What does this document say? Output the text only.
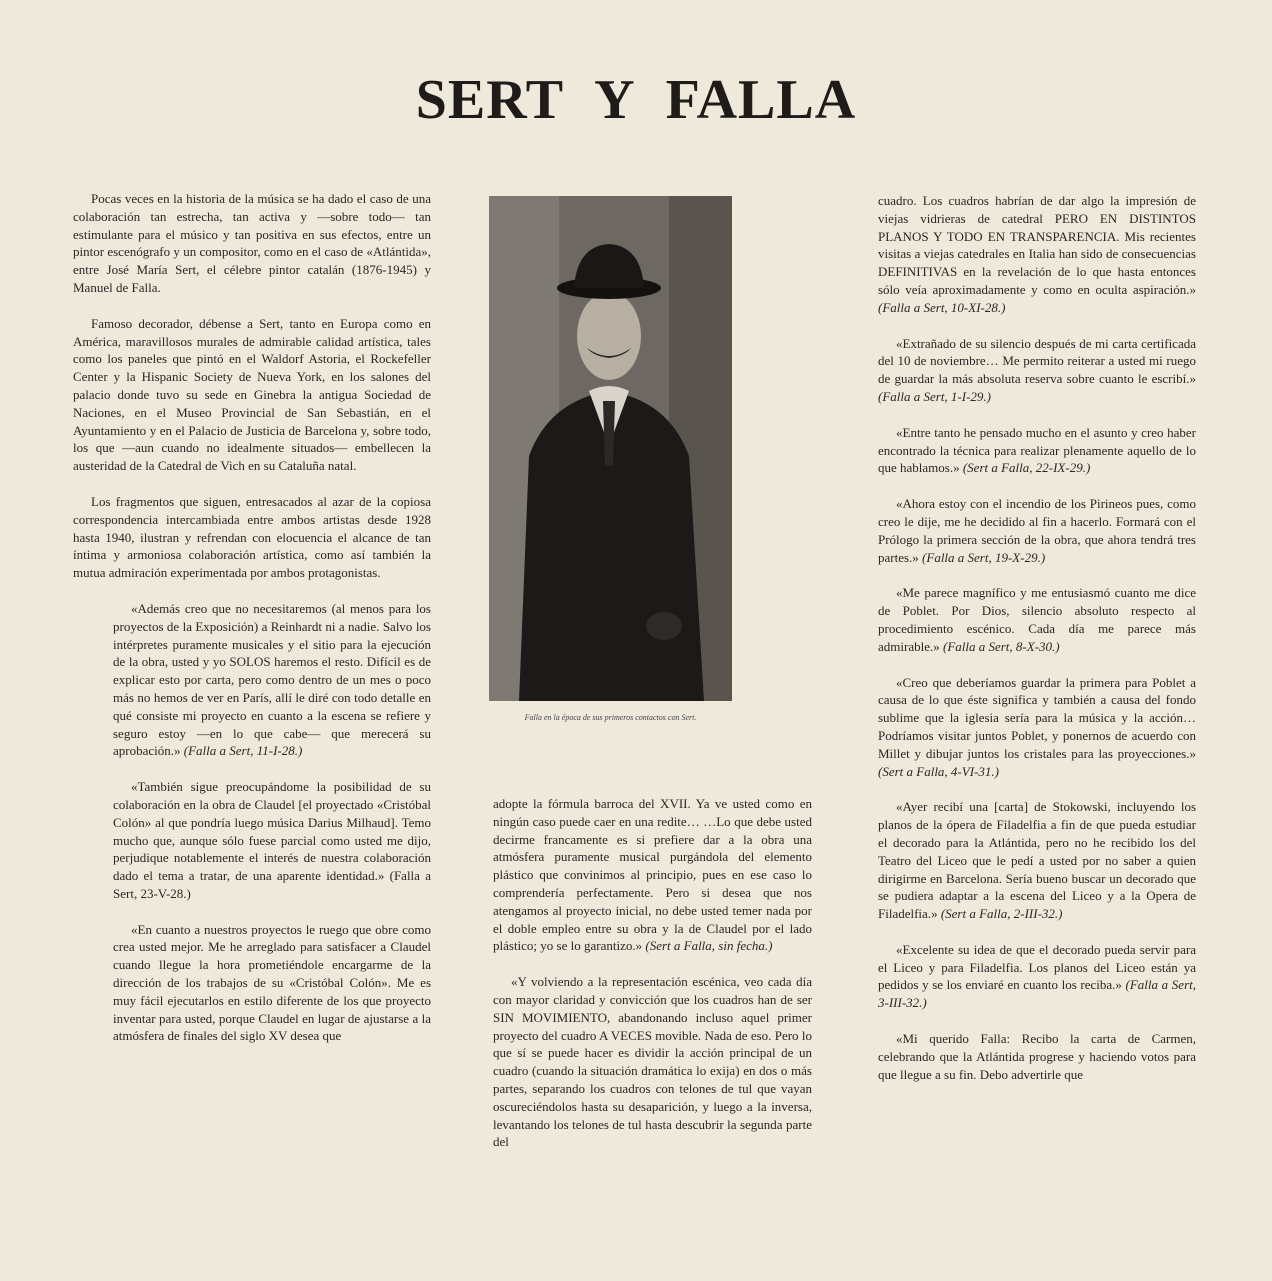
SERT Y FALLA

Pocas veces en la historia de la música se ha dado el caso de una colaboración tan estrecha, tan activa y —sobre todo— tan estimulante para el músico y tan positiva en sus efectos, entre un pintor escenógrafo y un compositor, como en el caso de «Atlántida», entre José María Sert, el célebre pintor catalán (1876-1945) y Manuel de Falla.

Famoso decorador, débense a Sert, tanto en Europa como en América, maravillosos murales de admirable calidad artística, tales como los paneles que pintó en el Waldorf Astoria, el Rockefeller Center y la Hispanic Society de Nueva York, en los salones del palacio donde tuvo su sede en Ginebra la antigua Sociedad de Naciones, en el Museo Provincial de San Sebastián, en el Ayuntamiento y en el Palacio de Justicia de Barcelona y, sobre todo, los que —aun cuando no idealmente situados— embellecen la austeridad de la Catedral de Vich en su Cataluña natal.

Los fragmentos que siguen, entresacados al azar de la copiosa correspondencia intercambiada entre ambos artistas desde 1928 hasta 1940, ilustran y refrendan con elocuencia el alcance de tan íntima y armoniosa colaboración artística, como así también la mutua admiración experimentada por ambos protagonistas.

«Además creo que no necesitaremos (al menos para los proyectos de la Exposición) a Reinhardt ni a nadie. Salvo los intérpretes puramente musicales y el sitio para la ejecución de la obra, usted y yo SOLOS haremos el resto. Difícil es de explicar esto por carta, pero como dentro de un mes o poco más no hemos de ver en París, allí le diré con todo detalle en qué consiste mi proyecto en cuanto a la escena se refiere y seguro estoy —en lo que cabe— que merecerá su aprobación.» (Falla a Sert, 11-I-28.)

«También sigue preocupándome la posibilidad de su colaboración en la obra de Claudel [el proyectado «Cristóbal Colón» al que pondría luego música Darius Milhaud]. Temo mucho que, aunque sólo fuese parcial como usted me dijo, perjudique notablemente el interés de nuestra colaboración dado el tema a tratar, de una aparente identidad.» (Falla a Sert, 23-V-28.)

«En cuanto a nuestros proyectos le ruego que obre como crea usted mejor. Me he arreglado para satisfacer a Claudel cuando llegue la hora prometiéndole encargarme de la dirección de los trabajos de su «Cristóbal Colón». Me es muy fácil ejecutarlos en estilo diferente de los que proyecto inventar para usted, porque Claudel en lugar de ajustarse a la atmósfera de finales del siglo XV desea que

Falla en la época de sus primeros contactos con Sert.

adopte la fórmula barroca del XVII. Ya ve usted como en ningún caso puede caer en una redite… …Lo que debe usted decirme francamente es si prefiere dar a la obra una atmósfera puramente musical purgándola del elemento plástico que convinimos al principio, pues en ese caso lo comprendería perfectamente. Pero si desea que nos atengamos al proyecto inicial, no debe usted temer nada por el doble empleo entre su obra y la de Claudel por el lado plástico; yo se lo garantizo.» (Sert a Falla, sin fecha.)

«Y volviendo a la representación escénica, veo cada día con mayor claridad y convicción que los cuadros han de ser SIN MOVIMIENTO, abandonando incluso aquel primer proyecto del cuadro A VECES movible. Nada de eso. Pero lo que sí se puede hacer es dividir la acción principal de un cuadro (cuando la situación dramática lo exija) en dos o más partes, separando los cuadros con telones de tul que vayan oscureciéndolos hasta su desaparición, y luego a la inversa, levantando los telones de tul hasta descubrir la segunda parte del

cuadro. Los cuadros habrían de dar algo la impresión de viejas vidrieras de catedral PERO EN DISTINTOS PLANOS Y TODO EN TRANSPARENCIA. Mis recientes visitas a viejas catedrales en Italia han sido de consecuencias DEFINITIVAS en la revelación de lo que hasta entonces sólo veía aproximadamente y como en oculta aspiración.» (Falla a Sert, 10-XI-28.)

«Extrañado de su silencio después de mi carta certificada del 10 de noviembre… Me permito reiterar a usted mi ruego de guardar la más absoluta reserva sobre cuanto le escribí.» (Falla a Sert, 1-I-29.)

«Entre tanto he pensado mucho en el asunto y creo haber encontrado la técnica para realizar plenamente aquello de lo que hablamos.» (Sert a Falla, 22-IX-29.)

«Ahora estoy con el incendio de los Pirineos pues, como creo le dije, me he decidido al fin a hacerlo. Formará con el Prólogo la primera sección de la obra, que ahora tendrá tres partes.» (Falla a Sert, 19-X-29.)

«Me parece magnífico y me entusiasmó cuanto me dice de Poblet. Por Dios, silencio absoluto respecto al procedimiento escénico. Cada día me parece más admirable.» (Falla a Sert, 8-X-30.)

«Creo que deberíamos guardar la primera para Poblet a causa de lo que éste significa y también a causa del fondo sublime que la iglesia sería para la música y la acción… Podríamos visitar juntos Poblet, y ponernos de acuerdo con Millet y dibujar juntos los cristales para las proyecciones.» (Sert a Falla, 4-VI-31.)

«Ayer recibí una [carta] de Stokowski, incluyendo los planos de la ópera de Filadelfia a fin de que pueda estudiar el decorado para la Atlántida, pero no he recibido los del Teatro del Liceo que le pedí a usted por no saber a quien dirigirme en Barcelona. Sería bueno buscar un decorado que se pudiera adaptar a la escena del Liceo y a la Opera de Filadelfia.» (Sert a Falla, 2-III-32.)

«Excelente su idea de que el decorado pueda servir para el Liceo y para Filadelfia. Los planos del Liceo están ya pedidos y se los enviaré en cuanto los reciba.» (Falla a Sert, 3-III-32.)

«Mi querido Falla: Recibo la carta de Carmen, celebrando que la Atlántida progrese y haciendo votos para que llegue a su fin. Debo advertirle que
